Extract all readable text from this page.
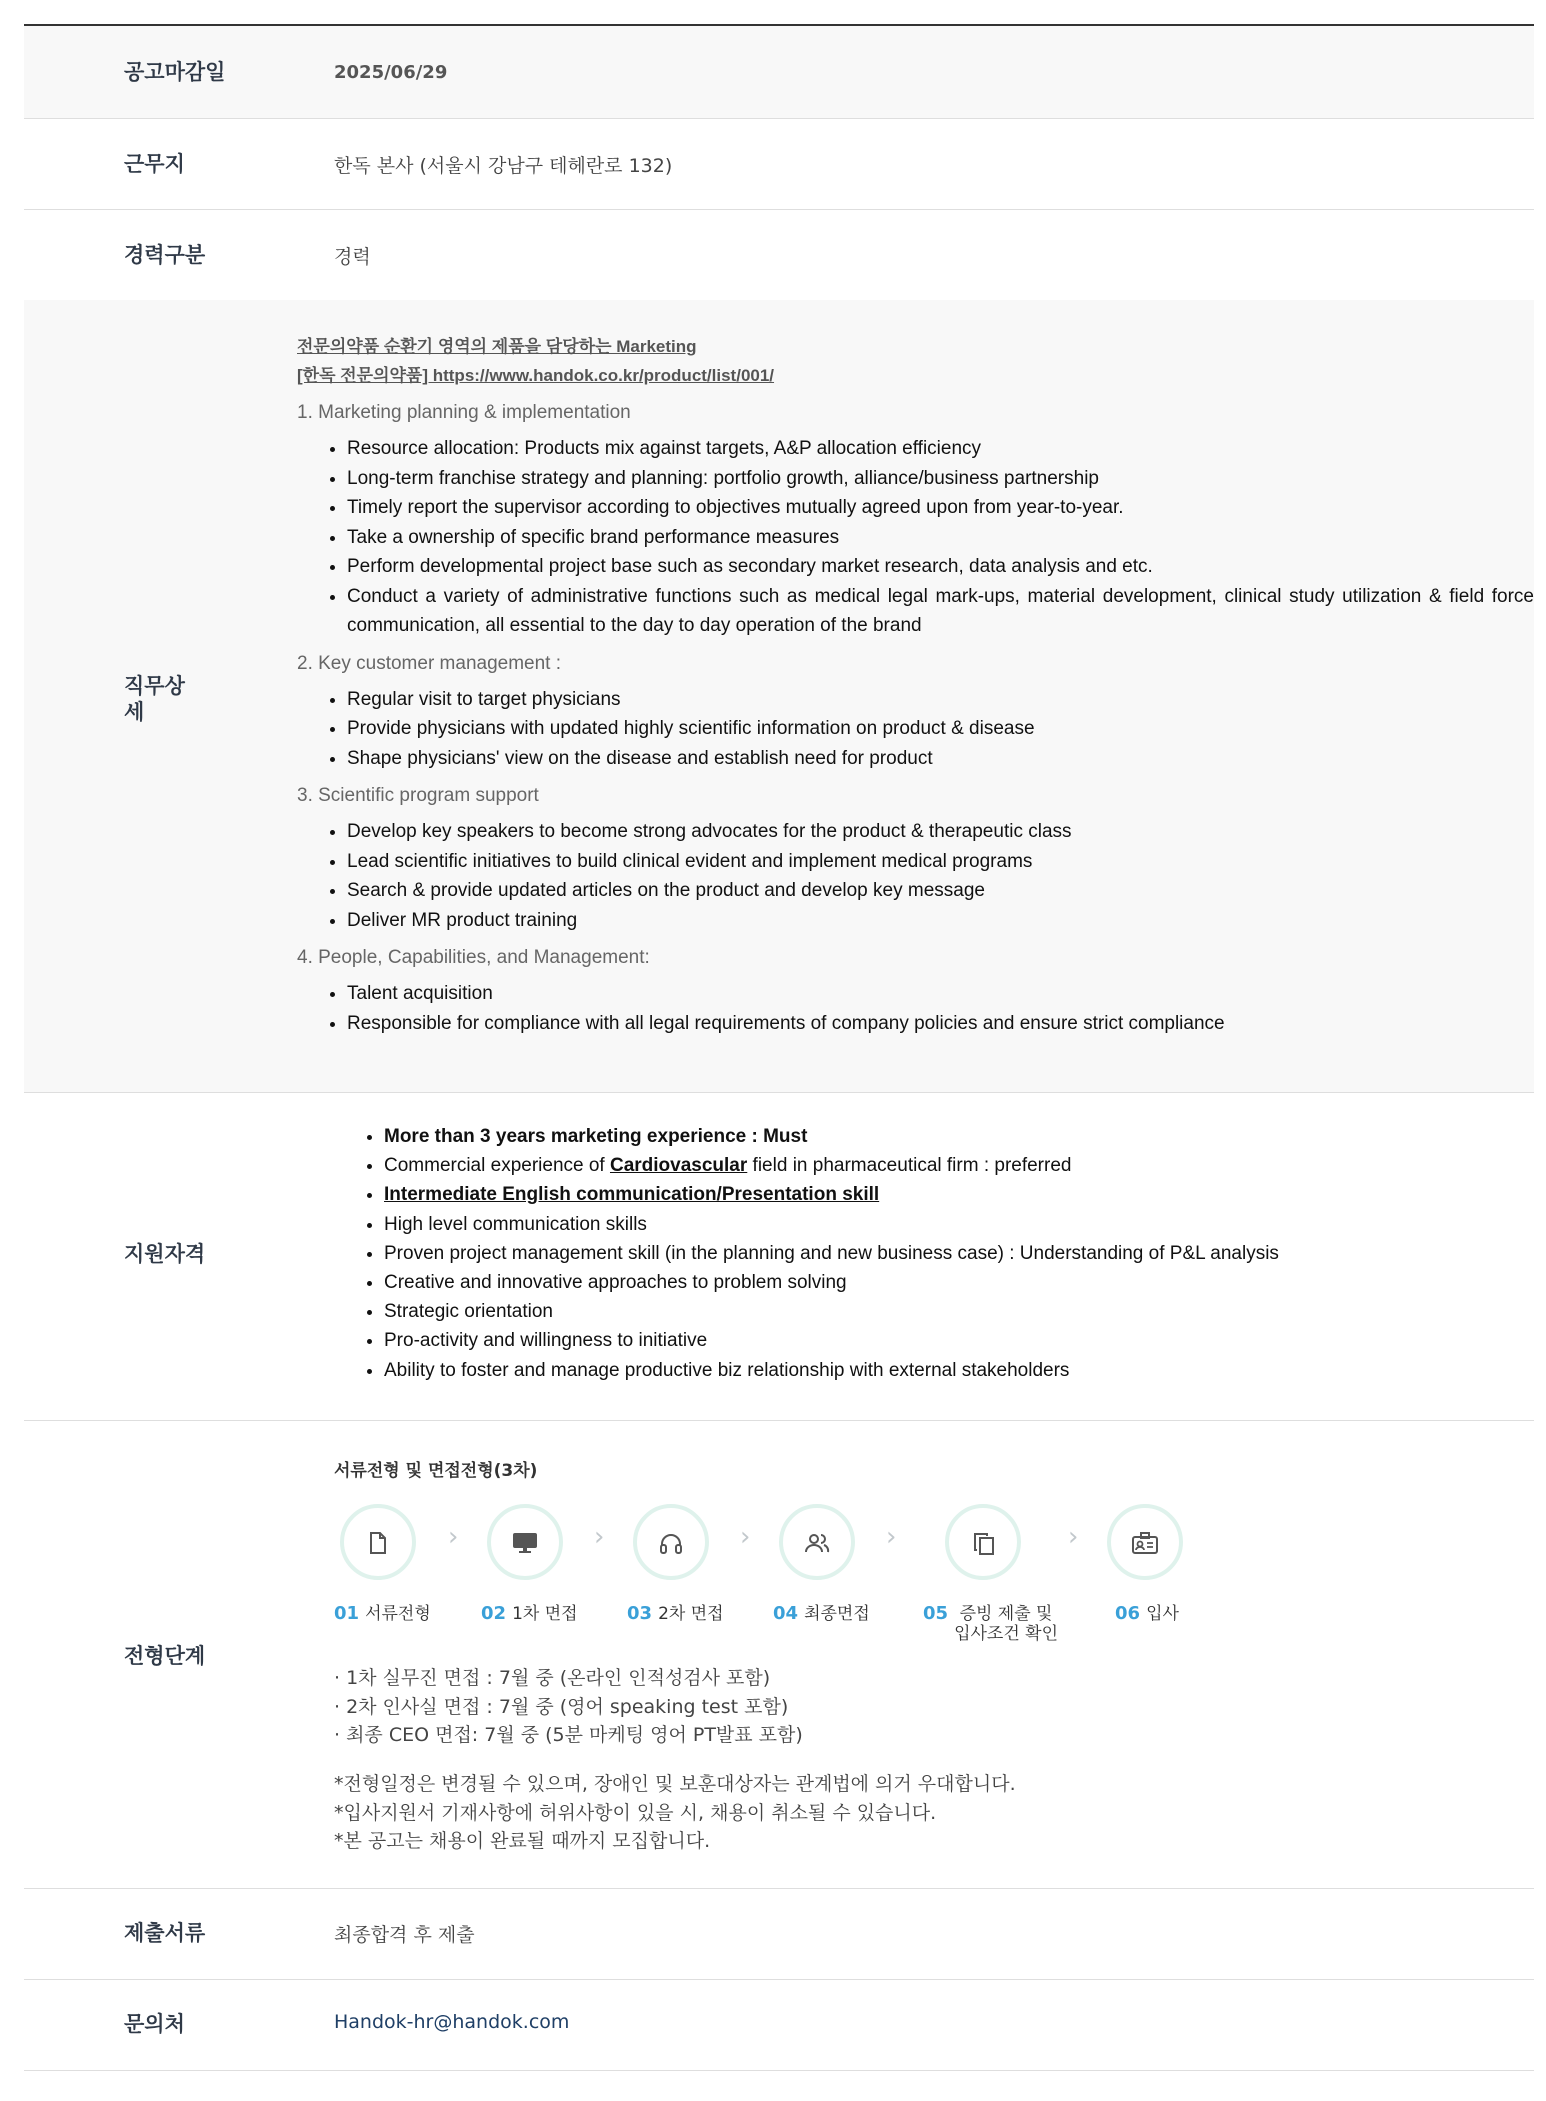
공고마감일	2025/06/29
근무지	한독 본사 (서울시 강남구 테헤란로 132)
경력구분	경력
직무상세
전문의약품 순환기 영역의 제품을 담당하는 Marketing
[한독 전문의약품] https://www.handok.co.kr/product/list/001/
1. Marketing planning & implementation
• Resource allocation: Products mix against targets, A&P allocation efficiency
• Long-term franchise strategy and planning: portfolio growth, alliance/business partnership
• Timely report the supervisor according to objectives mutually agreed upon from year-to-year.
• Take a ownership of specific brand performance measures
• Perform developmental project base such as secondary market research, data analysis and etc.
• Conduct a variety of administrative functions such as medical legal mark-ups, material development, clinical study utilization & field force communication, all essential to the day to day operation of the brand
2. Key customer management :
• Regular visit to target physicians
• Provide physicians with updated highly scientific information on product & disease
• Shape physicians' view on the disease and establish need for product
3. Scientific program support
• Develop key speakers to become strong advocates for the product & therapeutic class
• Lead scientific initiatives to build clinical evident and implement medical programs
• Search & provide updated articles on the product and develop key message
• Deliver MR product training
4. People, Capabilities, and Management:
• Talent acquisition
• Responsible for compliance with all legal requirements of company policies and ensure strict compliance
지원자격
• More than 3 years marketing experience : Must
• Commercial experience of Cardiovascular field in pharmaceutical firm : preferred
• Intermediate English communication/Presentation skill
• High level communication skills
• Proven project management skill (in the planning and new business case) : Understanding of P&L analysis
• Creative and innovative approaches to problem solving
• Strategic orientation
• Pro-activity and willingness to initiative
• Ability to foster and manage productive biz relationship with external stakeholders
전형단계
서류전형 및 면접전형(3차)
›	›	›	›	›
01 서류전형	02 1차 면접	03 2차 면접	04 최종면접	05 증빙 제출 및
입사조건 확인
06 입사
· 1차 실무진 면접 : 7월 중 (온라인 인적성검사 포함)
· 2차 인사실 면접 : 7월 중 (영어 speaking test 포함)
· 최종 CEO 면접: 7월 중 (5분 마케팅 영어 PT발표 포함)
*전형일정은 변경될 수 있으며, 장애인 및 보훈대상자는 관계법에 의거 우대합니다.
*입사지원서 기재사항에 허위사항이 있을 시, 채용이 취소될 수 있습니다.
*본 공고는 채용이 완료될 때까지 모집합니다.
제출서류	최종합격 후 제출
문의처	Handok-hr@handok.com
